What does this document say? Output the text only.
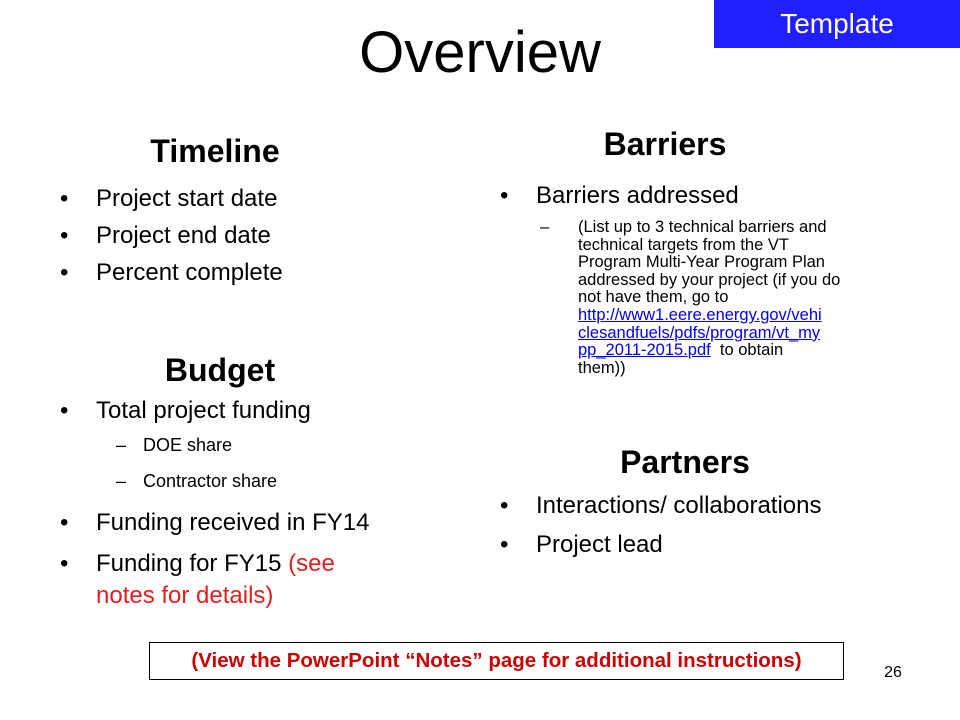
Overview	Template
Timeline
• Project start date
• Project end date
• Percent complete
Budget
• Total project funding
– DOE share
– Contractor share
• Funding received in FY14
• Funding for FY15 (see
notes for details)
Barriers
• Barriers addressed
– (List up to 3 technical barriers and
technical targets from the VT
Program Multi-Year Program Plan
addressed by your project (if you do
not have them, go to
http://www1.eere.energy.gov/vehi
clesandfuels/pdfs/program/vt_my
pp_2011-2015.pdf  to obtain
them))
Partners
• Interactions/ collaborations
• Project lead
(View the PowerPoint “Notes” page for additional instructions)
26
